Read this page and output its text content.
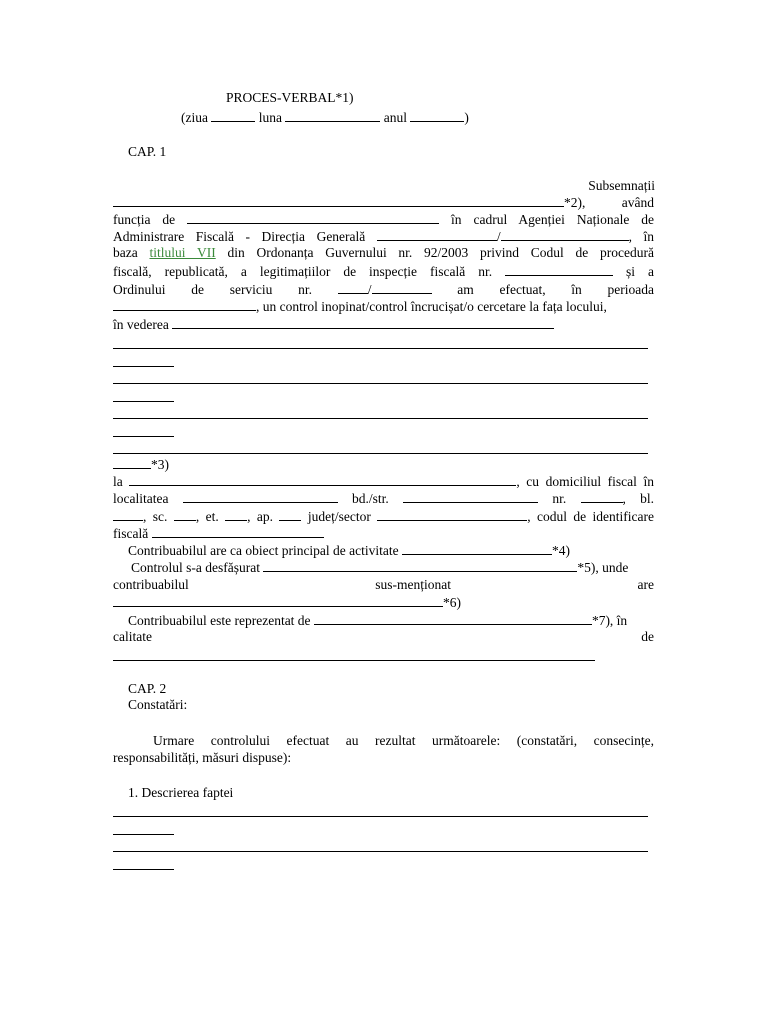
PROCES-VERBAL*1)
(ziua	luna	anul	)
CAP. 1
Subsemnații
*2),	având
funcția de	în cadrul Agenției Naționale de
Administrare Fiscală - Direcția Generală	/	, în
baza titlului VII din Ordonanța Guvernului nr. 92/2003 privind Codul de procedură
fiscală, republicată, a legitimațiilor de inspecție fiscală nr.	și a
Ordinului de serviciu nr.	/	am efectuat, în perioada
, un control inopinat/control încrucișat/o cercetare la fața locului,
în vederea
*3)
la	, cu domiciliul fiscal în
localitatea	bd./str.	nr.	, bl.
, sc. , et. , ap.	județ/sector	, codul de identificare
fiscală
Contribuabilul are ca obiect principal de activitate	*4)
Controlul s-a desfășurat	*5), unde
contribuabilul	sus-menționat	are
*6)
Contribuabilul este reprezentat de	*7), în
calitate	de
CAP. 2
Constatări:
Urmare controlului efectuat au rezultat următoarele: (constatări, consecințe,
responsabilități, măsuri dispuse):
1. Descrierea faptei
